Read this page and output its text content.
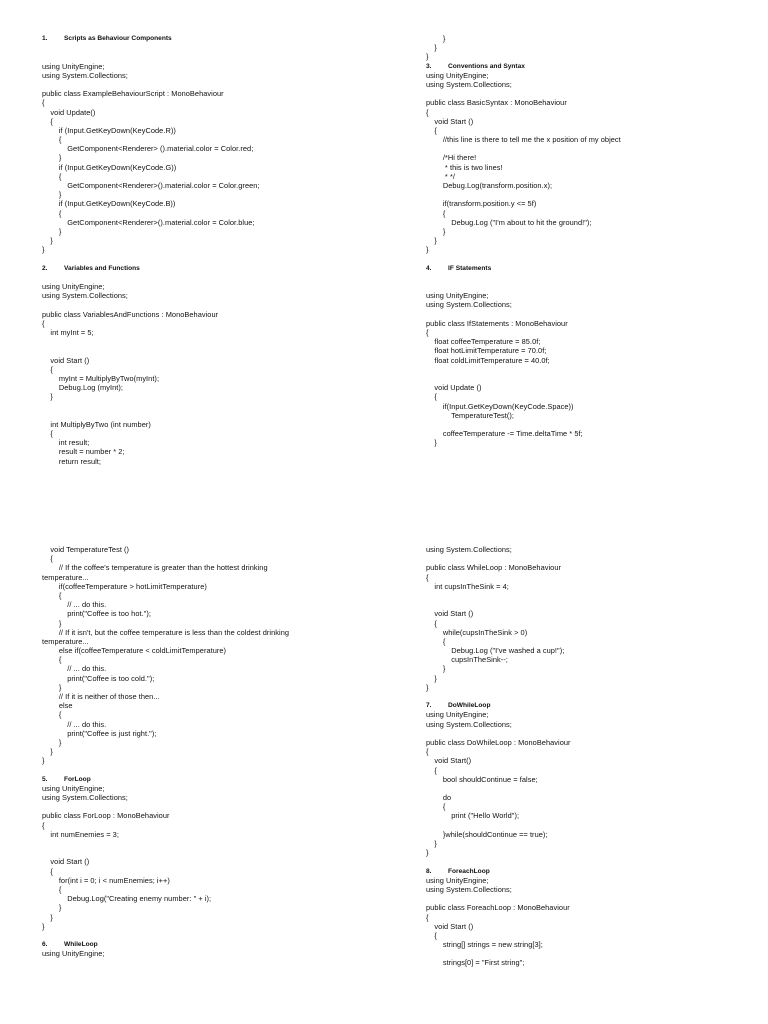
1.	Scripts as Behaviour Components
using UnityEngine;
using System.Collections;
public class ExampleBehaviourScript : MonoBehaviour
{
void Update()
{
if (Input.GetKeyDown(KeyCode.R))
{
GetComponent<Renderer> ().material.color = Color.red;
}
if (Input.GetKeyDown(KeyCode.G))
{
GetComponent<Renderer>().material.color = Color.green;
}
if (Input.GetKeyDown(KeyCode.B))
{
GetComponent<Renderer>().material.color = Color.blue;
}
}
}
2.	Variables and Functions
using UnityEngine;
using System.Collections;
public class VariablesAndFunctions : MonoBehaviour
{
int myInt = 5;
void Start ()
{
myInt = MultiplyByTwo(myInt);
Debug.Log (myInt);
}
int MultiplyByTwo (int number)
{
int result;
result = number * 2;
return result;
}
}
}
3.	Conventions and Syntax
using UnityEngine;
using System.Collections;
public class BasicSyntax : MonoBehaviour
{
void Start ()
{
//this line is there to tell me the x position of my object
/*Hi there!
* this is two lines!
* */
Debug.Log(transform.position.x);
if(transform.position.y <= 5f)
{
Debug.Log ("I'm about to hit the ground!");
}
}
}
4.	IF Statements
using UnityEngine;
using System.Collections;
public class IfStatements : MonoBehaviour
{
float coffeeTemperature = 85.0f;
float hotLimitTemperature = 70.0f;
float coldLimitTemperature = 40.0f;
void Update ()
{
if(Input.GetKeyDown(KeyCode.Space))
TemperatureTest();
coffeeTemperature -= Time.deltaTime * 5f;
}
void TemperatureTest ()
{
// If the coffee's temperature is greater than the hottest drinking
temperature...
if(coffeeTemperature > hotLimitTemperature)
{
// ... do this.
print("Coffee is too hot.");
}
// If it isn't, but the coffee temperature is less than the coldest drinking
temperature...
else if(coffeeTemperature < coldLimitTemperature)
{
// ... do this.
print("Coffee is too cold.");
}
// If it is neither of those then...
else
{
// ... do this.
print("Coffee is just right.");
}
}
}
5.	ForLoop
using UnityEngine;
using System.Collections;
public class ForLoop : MonoBehaviour
{
int numEnemies = 3;
void Start ()
{
for(int i = 0; i < numEnemies; i++)
{
Debug.Log("Creating enemy number: " + i);
}
}
}
6.	WhileLoop
using UnityEngine;
using System.Collections;
public class WhileLoop : MonoBehaviour
{
int cupsInTheSink = 4;
void Start ()
{
while(cupsInTheSink > 0)
{
Debug.Log ("I've washed a cup!");
cupsInTheSink--;
}
}
}
7.	DoWhileLoop
using UnityEngine;
using System.Collections;
public class DoWhileLoop : MonoBehaviour
{
void Start()
{
bool shouldContinue = false;
do
{
print ("Hello World");
}while(shouldContinue == true);
}
}
8.	ForeachLoop
using UnityEngine;
using System.Collections;
public class ForeachLoop : MonoBehaviour
{
void Start ()
{
string[] strings = new string[3];
strings[0] = "First string";
